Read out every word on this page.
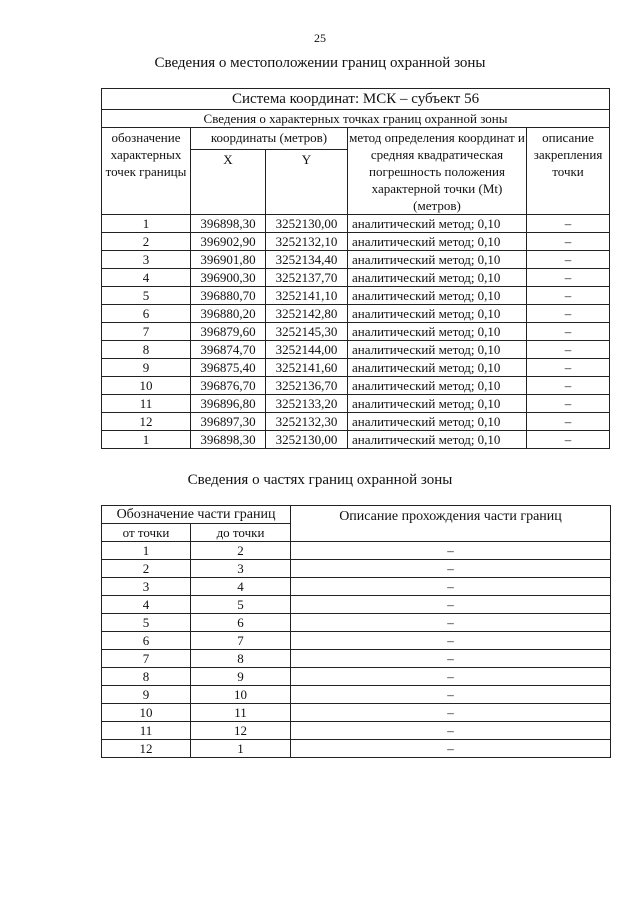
25
Сведения о местоположении границ охранной зоны
Система координат: МСК – субъект 56				
Сведения о характерных точках границ охранной зоны				
обозначение характерных точек границы	координаты (метров)		метод определения координат и средняя квадратическая погрешность положения характерной точки (Mt) (метров)	описание закрепления точки
	X	Y		
1	396898,30	3252130,00	аналитический метод; 0,10	–
2	396902,90	3252132,10	аналитический метод; 0,10	–
3	396901,80	3252134,40	аналитический метод; 0,10	–
4	396900,30	3252137,70	аналитический метод; 0,10	–
5	396880,70	3252141,10	аналитический метод; 0,10	–
6	396880,20	3252142,80	аналитический метод; 0,10	–
7	396879,60	3252145,30	аналитический метод; 0,10	–
8	396874,70	3252144,00	аналитический метод; 0,10	–
9	396875,40	3252141,60	аналитический метод; 0,10	–
10	396876,70	3252136,70	аналитический метод; 0,10	–
11	396896,80	3252133,20	аналитический метод; 0,10	–
12	396897,30	3252132,30	аналитический метод; 0,10	–
1	396898,30	3252130,00	аналитический метод; 0,10	–
Сведения о частях границ охранной зоны
Обозначение части границ		Описание прохождения части границ
от точки	до точки	
1	2	–
2	3	–
3	4	–
4	5	–
5	6	–
6	7	–
7	8	–
8	9	–
9	10	–
10	11	–
11	12	–
12	1	–
